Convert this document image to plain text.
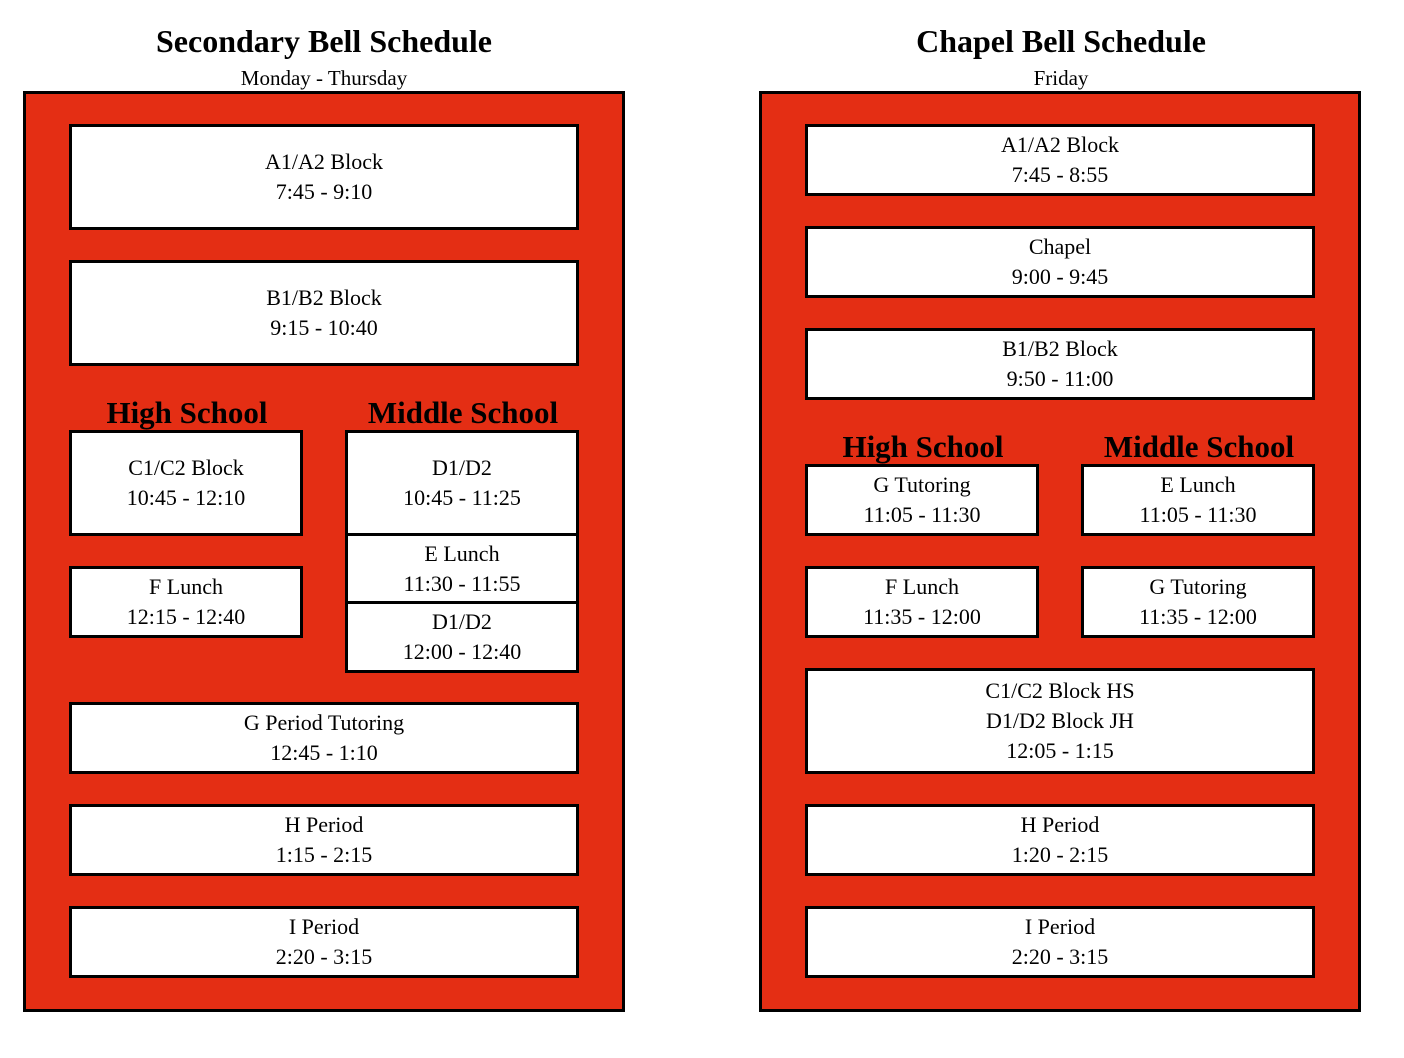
Secondary Bell Schedule
Monday - Thursday
A1/A2 Block
7:45 - 9:10
B1/B2 Block
9:15 - 10:40
High School	Middle School
C1/C2 Block
10:45 - 12:10
F Lunch
12:15 - 12:40
D1/D2
10:45 - 11:25
E Lunch
11:30 - 11:55
D1/D2
12:00 - 12:40
G Period Tutoring
12:45 - 1:10
H Period
1:15 - 2:15
I Period
2:20 - 3:15
Chapel Bell Schedule
Friday
A1/A2 Block
7:45 - 8:55
Chapel
9:00 - 9:45
B1/B2 Block
9:50 - 11:00
High School	Middle School
G Tutoring
11:05 - 11:30
F Lunch
11:35 - 12:00
E Lunch
11:05 - 11:30
G Tutoring
11:35 - 12:00
C1/C2 Block HS
D1/D2 Block JH
12:05 - 1:15
H Period
1:20 - 2:15
I Period
2:20 - 3:15
